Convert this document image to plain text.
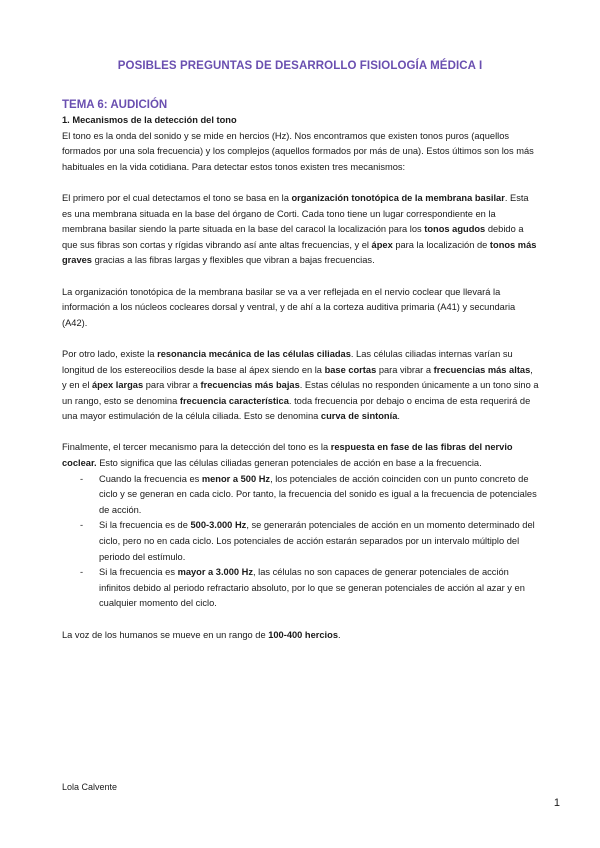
POSIBLES PREGUNTAS DE DESARROLLO FISIOLOGÍA MÉDICA I
TEMA 6: AUDICIÓN
1. Mecanismos de la detección del tono

El tono es la onda del sonido y se mide en hercios (Hz). Nos encontramos que existen tonos puros (aquellos formados por una sola frecuencia) y los complejos (aquellos formados por más de una). Estos últimos son los más habituales en la vida cotidiana. Para detectar estos tonos existen tres mecanismos:

El primero por el cual detectamos el tono se basa en la organización tonotópica de la membrana basilar. Esta es una membrana situada en la base del órgano de Corti. Cada tono tiene un lugar correspondiente en la membrana basilar siendo la parte situada en la base del caracol la localización para los tonos agudos debido a que sus fibras son cortas y rígidas vibrando así ante altas frecuencias, y el ápex para la localización de tonos más graves gracias a las fibras largas y flexibles que vibran a bajas frecuencias.

La organización tonotópica de la membrana basilar se va a ver reflejada en el nervio coclear que llevará la información a los núcleos cocleares dorsal y ventral, y de ahí a la corteza auditiva primaria (A41) y secundaria (A42).

Por otro lado, existe la resonancia mecánica de las células ciliadas. Las células ciliadas internas varían su longitud de los estereocilios desde la base al ápex siendo en la base cortas para vibrar a frecuencias más altas, y en el ápex largas para vibrar a frecuencias más bajas. Estas células no responden únicamente a un tono sino a un rango, esto se denomina frecuencia característica. toda frecuencia por debajo o encima de esta requerirá de una mayor estimulación de la célula ciliada. Esto se denomina curva de sintonía.

Finalmente, el tercer mecanismo para la detección del tono es la respuesta en fase de las fibras del nervio coclear. Esto significa que las células ciliadas generan potenciales de acción en base a la frecuencia.

- Cuando la frecuencia es menor a 500 Hz, los potenciales de acción coinciden con un punto concreto de ciclo y se generan en cada ciclo. Por tanto, la frecuencia del sonido es igual a la frecuencia de potenciales de acción.
- Si la frecuencia es de 500-3.000 Hz, se generarán potenciales de acción en un momento determinado del ciclo, pero no en cada ciclo. Los potenciales de acción estarán separados por un intervalo múltiplo del periodo del estímulo.
- Si la frecuencia es mayor a 3.000 Hz, las células no son capaces de generar potenciales de acción infinitos debido al periodo refractario absoluto, por lo que se generan potenciales de acción al azar y en cualquier momento del ciclo.

La voz de los humanos se mueve en un rango de 100-400 hercios.

Lola Calvente
1
